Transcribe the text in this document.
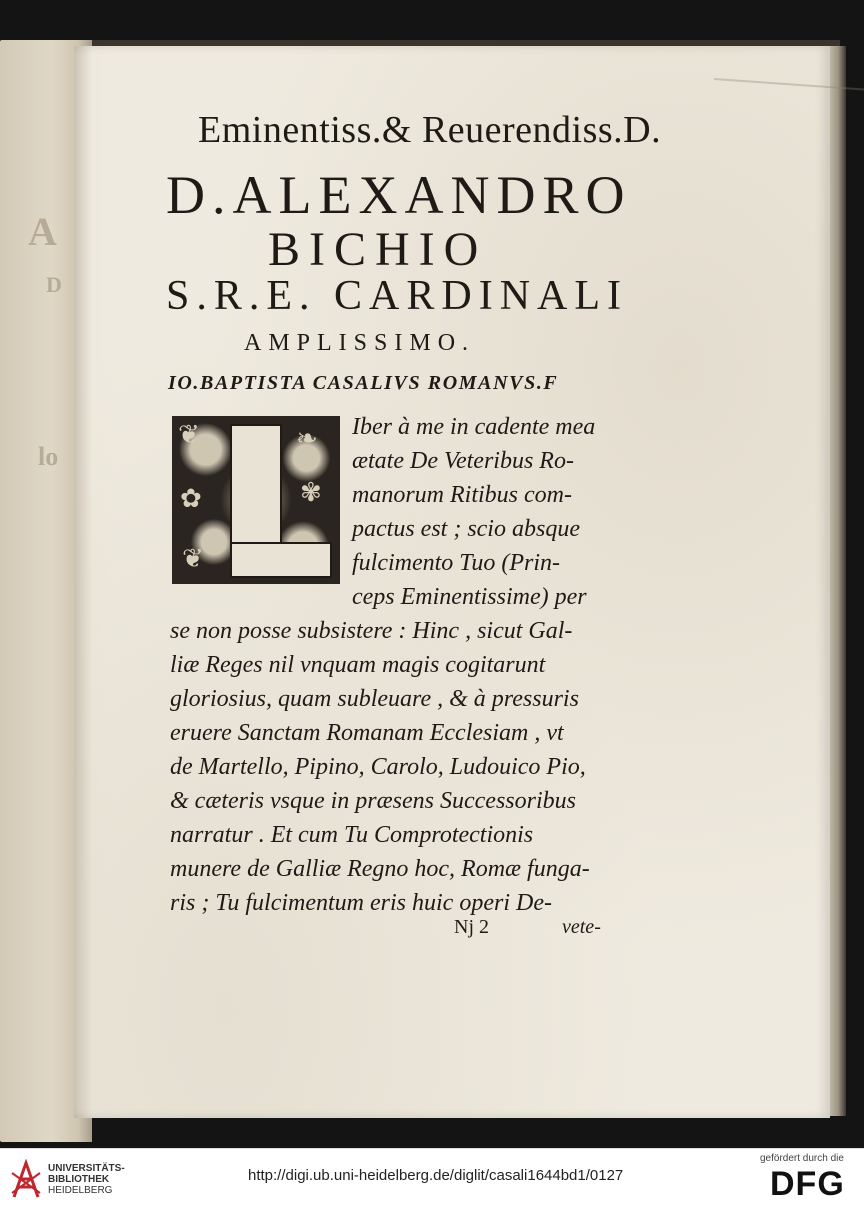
A
D
lo
Eminentiss.& Reuerendiss.D.
D.ALEXANDRO
BICHIO
S.R.E. CARDINALI
AMPLISSIMO.
IO.BAPTISTA CASALIVS ROMANVS.F
❦	❧
✿	✾
❦
Iber à me in cadente mea
ætate De Veteribus Ro-
manorum Ritibus com-
pactus est ; scio absque
fulcimento Tuo (Prin-
ceps Eminentissime) per
se non posse subsistere : Hinc , sicut Gal-
liæ Reges nil vnquam magis cogitarunt
gloriosius, quam subleuare , & à pressuris
eruere Sanctam Romanam Ecclesiam , vt
de Martello, Pipino, Carolo, Ludouico Pio,
& cæteris vsque in præsens Successoribus
narratur . Et cum Tu Comprotectionis
munere de Galliæ Regno hoc, Romæ funga-
ris ; Tu fulcimentum eris huic operi De-
Nj 2	vete-
UNIVERSITÄTS-
BIBLIOTHEK
HEIDELBERG
http://digi.ub.uni-heidelberg.de/diglit/casali1644bd1/0127
gefördert durch die
DFG
